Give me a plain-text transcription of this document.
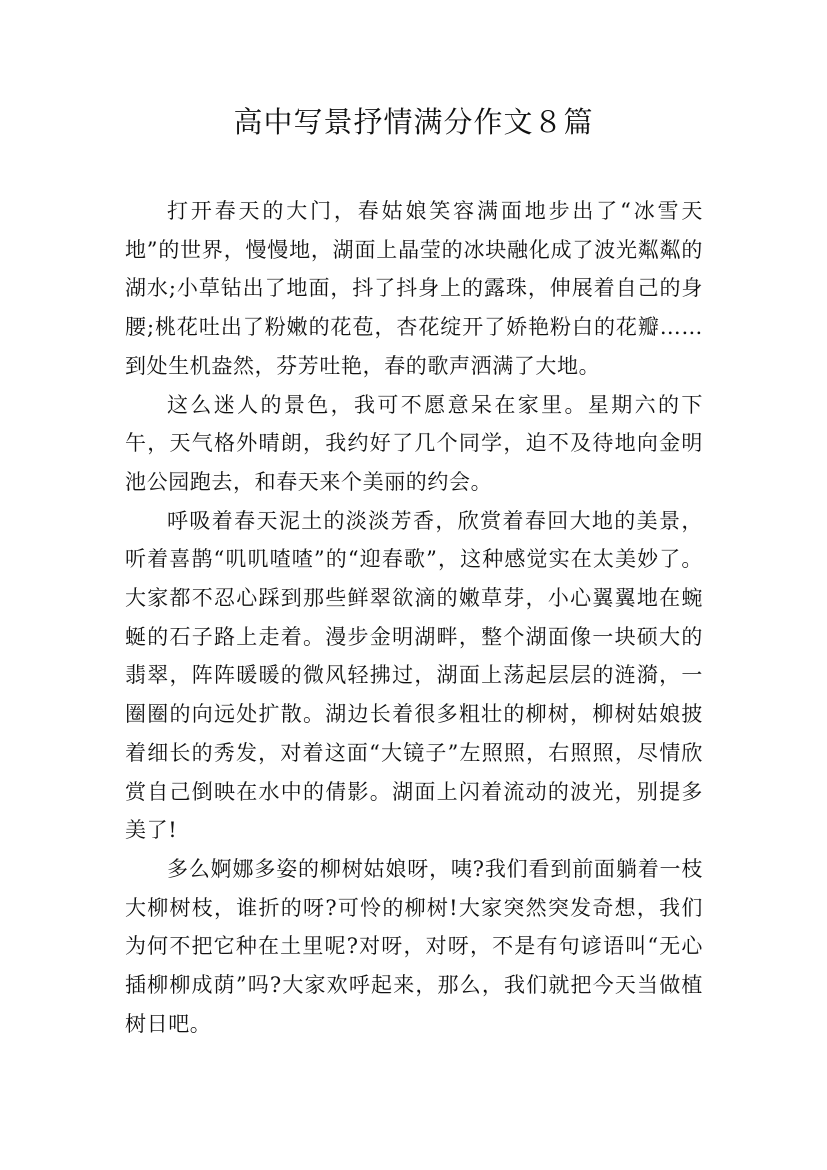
高中写景抒情满分作文８篇

打开春天的大门，春姑娘笑容满面地步出了“冰雪天地”的世界，慢慢地，湖面上晶莹的冰块融化成了波光粼粼的湖水;小草钻出了地面，抖了抖身上的露珠，伸展着自己的身腰;桃花吐出了粉嫩的花苞，杏花绽开了娇艳粉白的花瓣……到处生机盎然，芬芳吐艳，春的歌声洒满了大地。

这么迷人的景色，我可不愿意呆在家里。星期六的下午，天气格外晴朗，我约好了几个同学，迫不及待地向金明池公园跑去，和春天来个美丽的约会。

呼吸着春天泥土的淡淡芳香，欣赏着春回大地的美景，听着喜鹊“叽叽喳喳”的“迎春歌”，这种感觉实在太美妙了。大家都不忍心踩到那些鲜翠欲滴的嫩草芽，小心翼翼地在蜿蜒的石子路上走着。漫步金明湖畔，整个湖面像一块硕大的翡翠，阵阵暖暖的微风轻拂过，湖面上荡起层层的涟漪，一圈圈的向远处扩散。湖边长着很多粗壮的柳树，柳树姑娘披着细长的秀发，对着这面“大镜子”左照照，右照照，尽情欣赏自己倒映在水中的倩影。湖面上闪着流动的波光，别提多美了!

多么婀娜多姿的柳树姑娘呀，咦?我们看到前面躺着一枝大柳树枝，谁折的呀?可怜的柳树!大家突然突发奇想，我们为何不把它种在土里呢?对呀，对呀，不是有句谚语叫“无心插柳柳成荫”吗?大家欢呼起来，那么，我们就把今天当做植树日吧。
